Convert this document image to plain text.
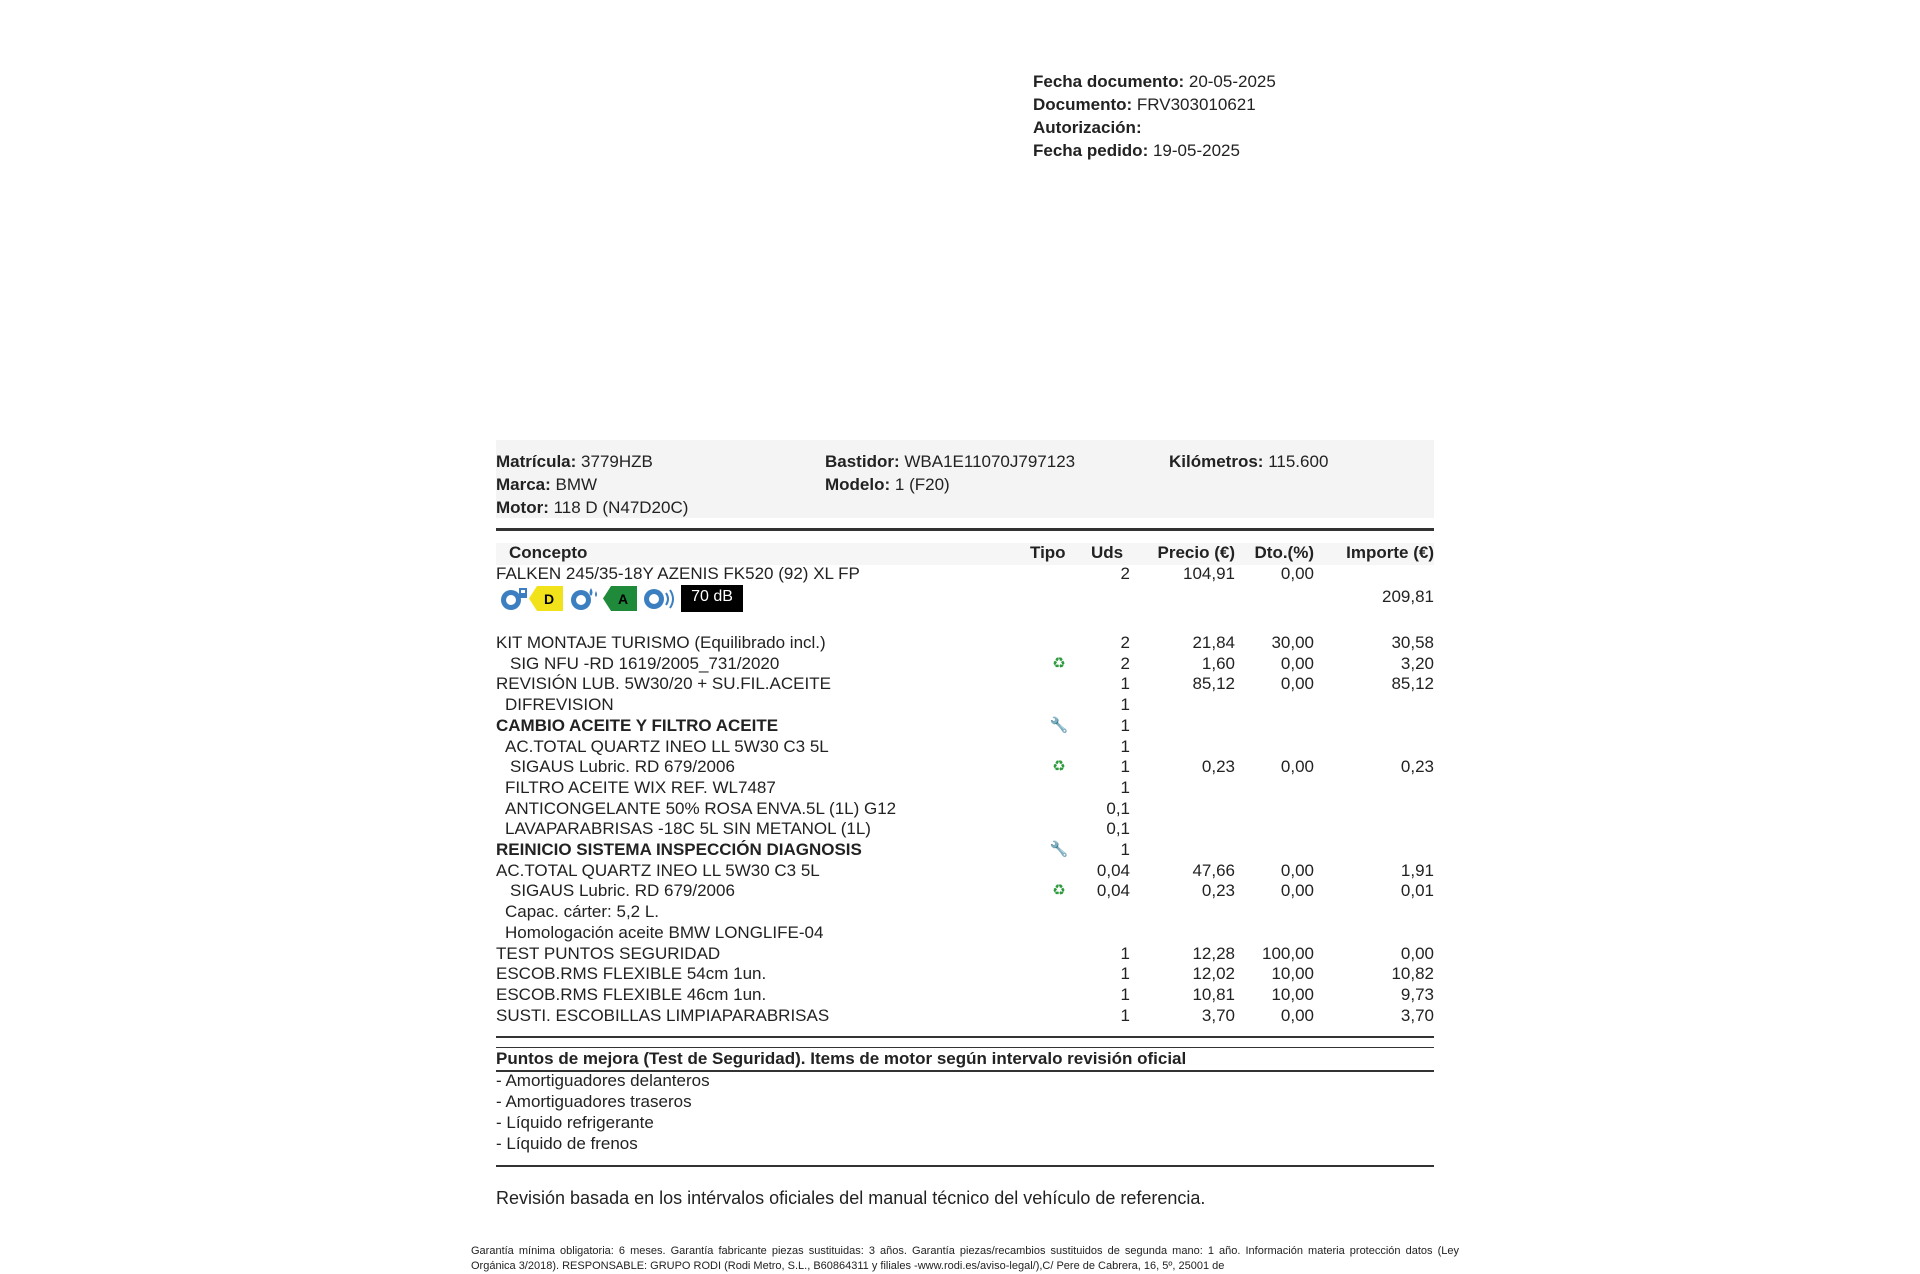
Fecha documento: 20-05-2025
Documento: FRV303010621
Autorización:
Fecha pedido: 19-05-2025
Matrícula: 3779HZB	Bastidor: WBA1E11070J797123	Kilómetros: 115.600
Marca: BMW	Modelo: 1 (F20)
Motor: 118 D (N47D20C)
Concepto	Tipo Uds Precio (€) Dto.(%) Importe (€)
FALKEN 245/35-18Y AZENIS FK520 (92) XL FP	2	104,91	0,00
D	A	70 dB	209,81
KIT MONTAJE TURISMO (Equilibrado incl.)	2	21,84 30,00	30,58
SIG NFU -RD 1619/2005_731/2020	♻	2	1,60	0,00	3,20
REVISIÓN LUB. 5W30/20 + SU.FIL.ACEITE	1	85,12	0,00	85,12
DIFREVISION	1
CAMBIO ACEITE Y FILTRO ACEITE	🔧	1
AC.TOTAL QUARTZ INEO LL 5W30 C3 5L	1
SIGAUS Lubric. RD 679/2006	♻	1	0,23	0,00	0,23
FILTRO ACEITE WIX REF. WL7487	1
ANTICONGELANTE 50% ROSA ENVA.5L (1L) G12	0,1
LAVAPARABRISAS -18C 5L SIN METANOL (1L)	0,1
REINICIO SISTEMA INSPECCIÓN DIAGNOSIS	🔧	1
AC.TOTAL QUARTZ INEO LL 5W30 C3 5L	0,04	47,66	0,00	1,91
SIGAUS Lubric. RD 679/2006	♻	0,04	0,23	0,00	0,01
Capac. cárter: 5,2 L.
Homologación aceite BMW LONGLIFE-04
TEST PUNTOS SEGURIDAD	1	12,28 100,00	0,00
ESCOB.RMS FLEXIBLE 54cm 1un.	1	12,02 10,00	10,82
ESCOB.RMS FLEXIBLE 46cm 1un.	1	10,81 10,00	9,73
SUSTI. ESCOBILLAS LIMPIAPARABRISAS	1	3,70	0,00	3,70
Puntos de mejora (Test de Seguridad). Items de motor según intervalo revisión oficial
- Amortiguadores delanteros
- Amortiguadores traseros
- Líquido refrigerante
- Líquido de frenos
Revisión basada en los intérvalos oficiales del manual técnico del vehículo de referencia.
Garantía mínima obligatoria: 6 meses. Garantía fabricante piezas sustituidas: 3 años. Garantía piezas/recambios sustituidos de segunda mano: 1 año. Información materia protección datos (Ley Orgánica 3/2018). RESPONSABLE: GRUPO RODI (Rodi Metro, S.L., B60864311 y filiales -www.rodi.es/aviso-legal/),C/ Pere de Cabrera, 16, 5º, 25001 de
